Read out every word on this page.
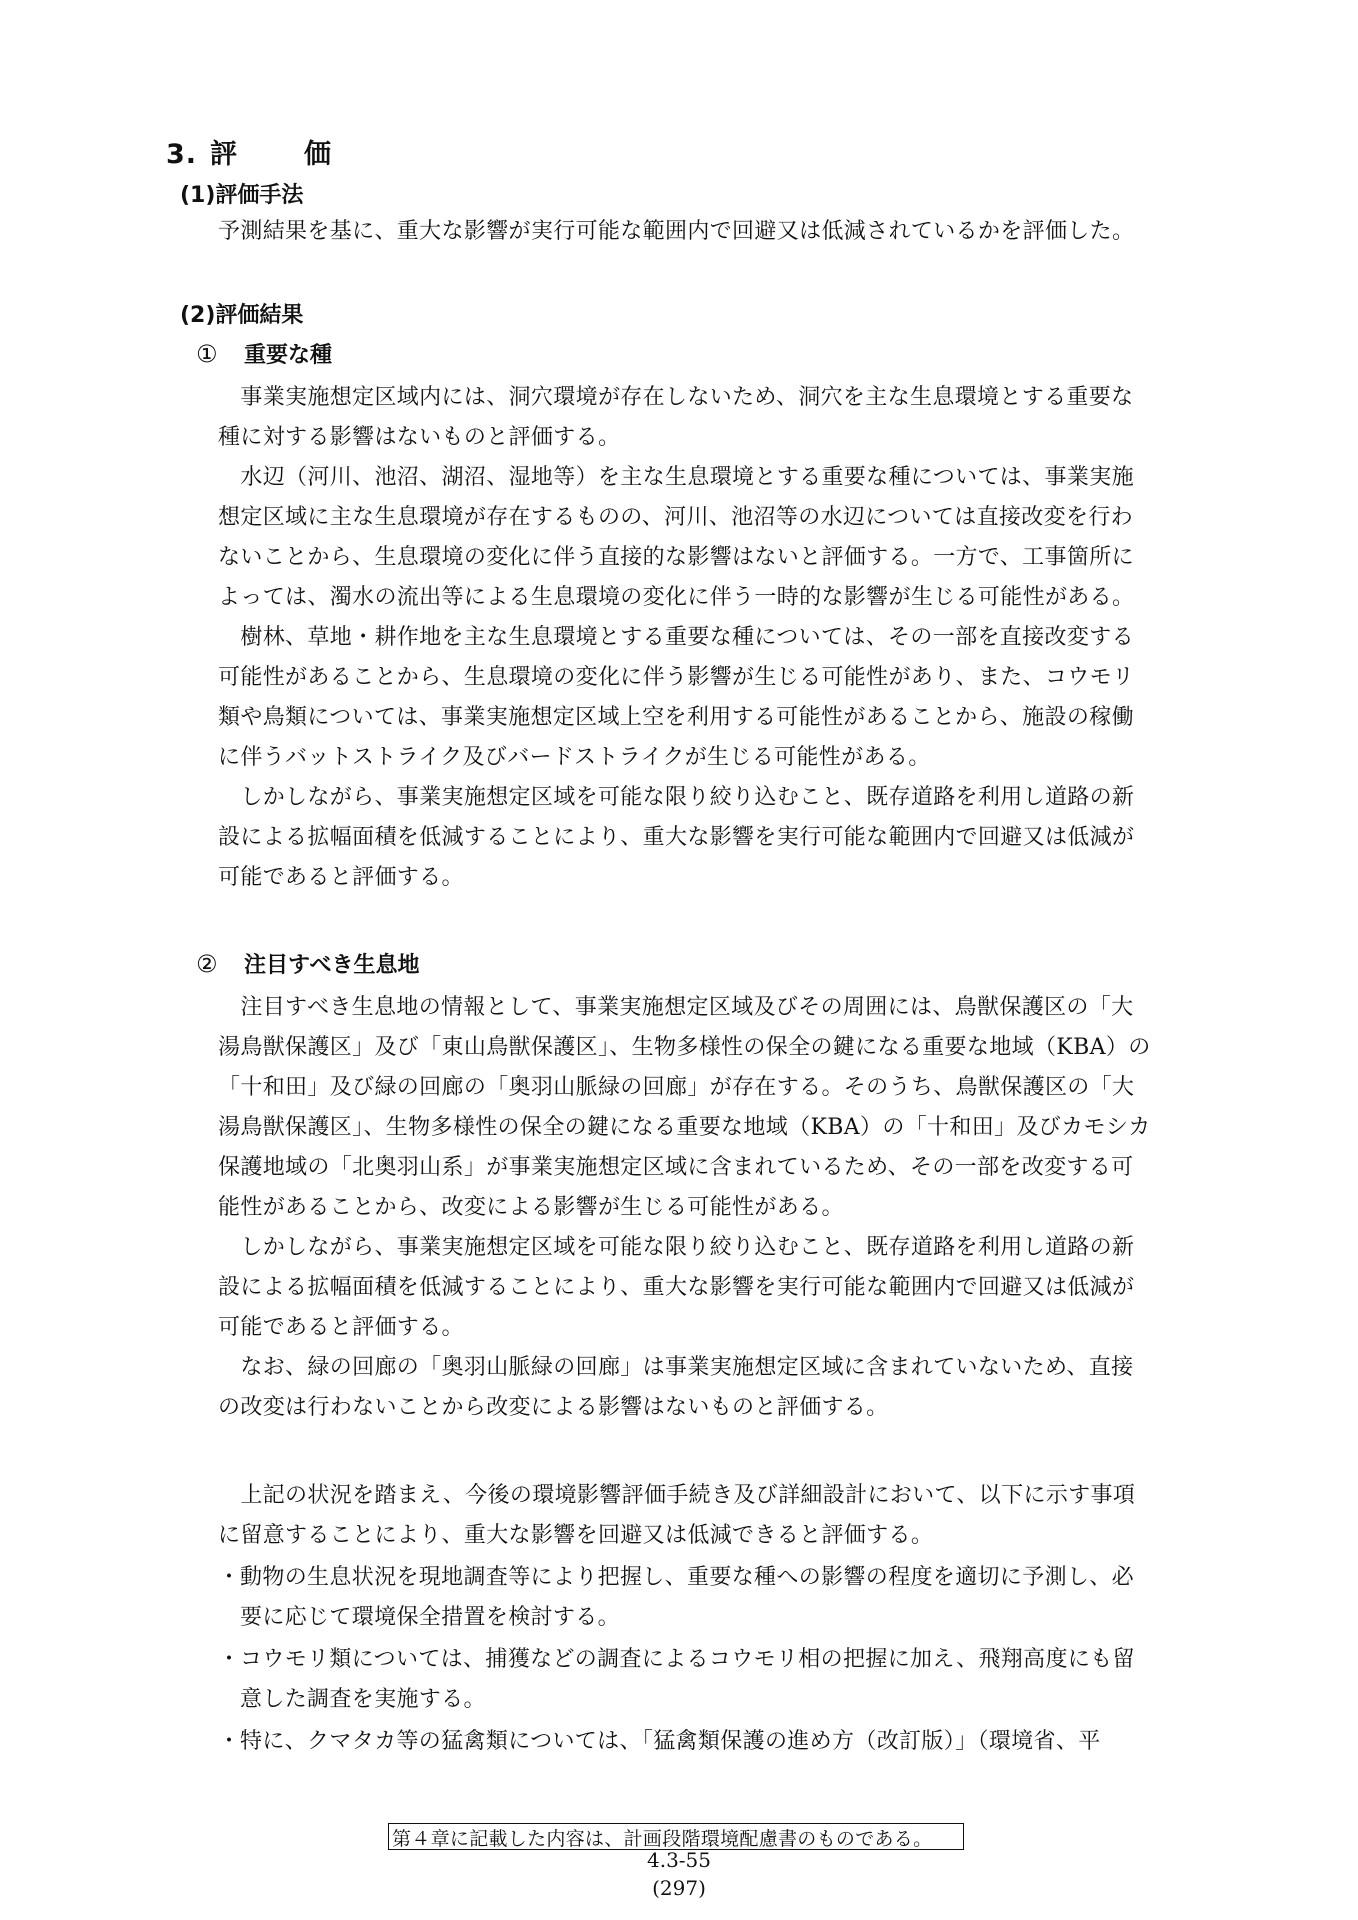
3. 評　価
(1)評価手法
予測結果を基に、重大な影響が実行可能な範囲内で回避又は低減されているかを評価した。
(2)評価結果
① 重要な種
　事業実施想定区域内には、洞穴環境が存在しないため、洞穴を主な生息環境とする重要な
種に対する影響はないものと評価する。
　水辺（河川、池沼、湖沼、湿地等）を主な生息環境とする重要な種については、事業実施
想定区域に主な生息環境が存在するものの、河川、池沼等の水辺については直接改変を行わ
ないことから、生息環境の変化に伴う直接的な影響はないと評価する。一方で、工事箇所に
よっては、濁水の流出等による生息環境の変化に伴う一時的な影響が生じる可能性がある。
　樹林、草地・耕作地を主な生息環境とする重要な種については、その一部を直接改変する
可能性があることから、生息環境の変化に伴う影響が生じる可能性があり、また、コウモリ
類や鳥類については、事業実施想定区域上空を利用する可能性があることから、施設の稼働
に伴うバットストライク及びバードストライクが生じる可能性がある。
　しかしながら、事業実施想定区域を可能な限り絞り込むこと、既存道路を利用し道路の新
設による拡幅面積を低減することにより、重大な影響を実行可能な範囲内で回避又は低減が
可能であると評価する。
② 注目すべき生息地
　注目すべき生息地の情報として、事業実施想定区域及びその周囲には、鳥獣保護区の「大
湯鳥獣保護区」及び「東山鳥獣保護区」、生物多様性の保全の鍵になる重要な地域（KBA）の
「十和田」及び緑の回廊の「奥羽山脈緑の回廊」が存在する。そのうち、鳥獣保護区の「大
湯鳥獣保護区」、生物多様性の保全の鍵になる重要な地域（KBA）の「十和田」及びカモシカ
保護地域の「北奥羽山系」が事業実施想定区域に含まれているため、その一部を改変する可
能性があることから、改変による影響が生じる可能性がある。
　しかしながら、事業実施想定区域を可能な限り絞り込むこと、既存道路を利用し道路の新
設による拡幅面積を低減することにより、重大な影響を実行可能な範囲内で回避又は低減が
可能であると評価する。
　なお、緑の回廊の「奥羽山脈緑の回廊」は事業実施想定区域に含まれていないため、直接
の改変は行わないことから改変による影響はないものと評価する。
　上記の状況を踏まえ、今後の環境影響評価手続き及び詳細設計において、以下に示す事項
に留意することにより、重大な影響を回避又は低減できると評価する。
・動物の生息状況を現地調査等により把握し、重要な種への影響の程度を適切に予測し、必
要に応じて環境保全措置を検討する。
・コウモリ類については、捕獲などの調査によるコウモリ相の把握に加え、飛翔高度にも留
意した調査を実施する。
・特に、クマタカ等の猛禽類については、「猛禽類保護の進め方（改訂版）」（環境省、平
第４章に記載した内容は、計画段階環境配慮書のものである。
4.3-55
(297)
